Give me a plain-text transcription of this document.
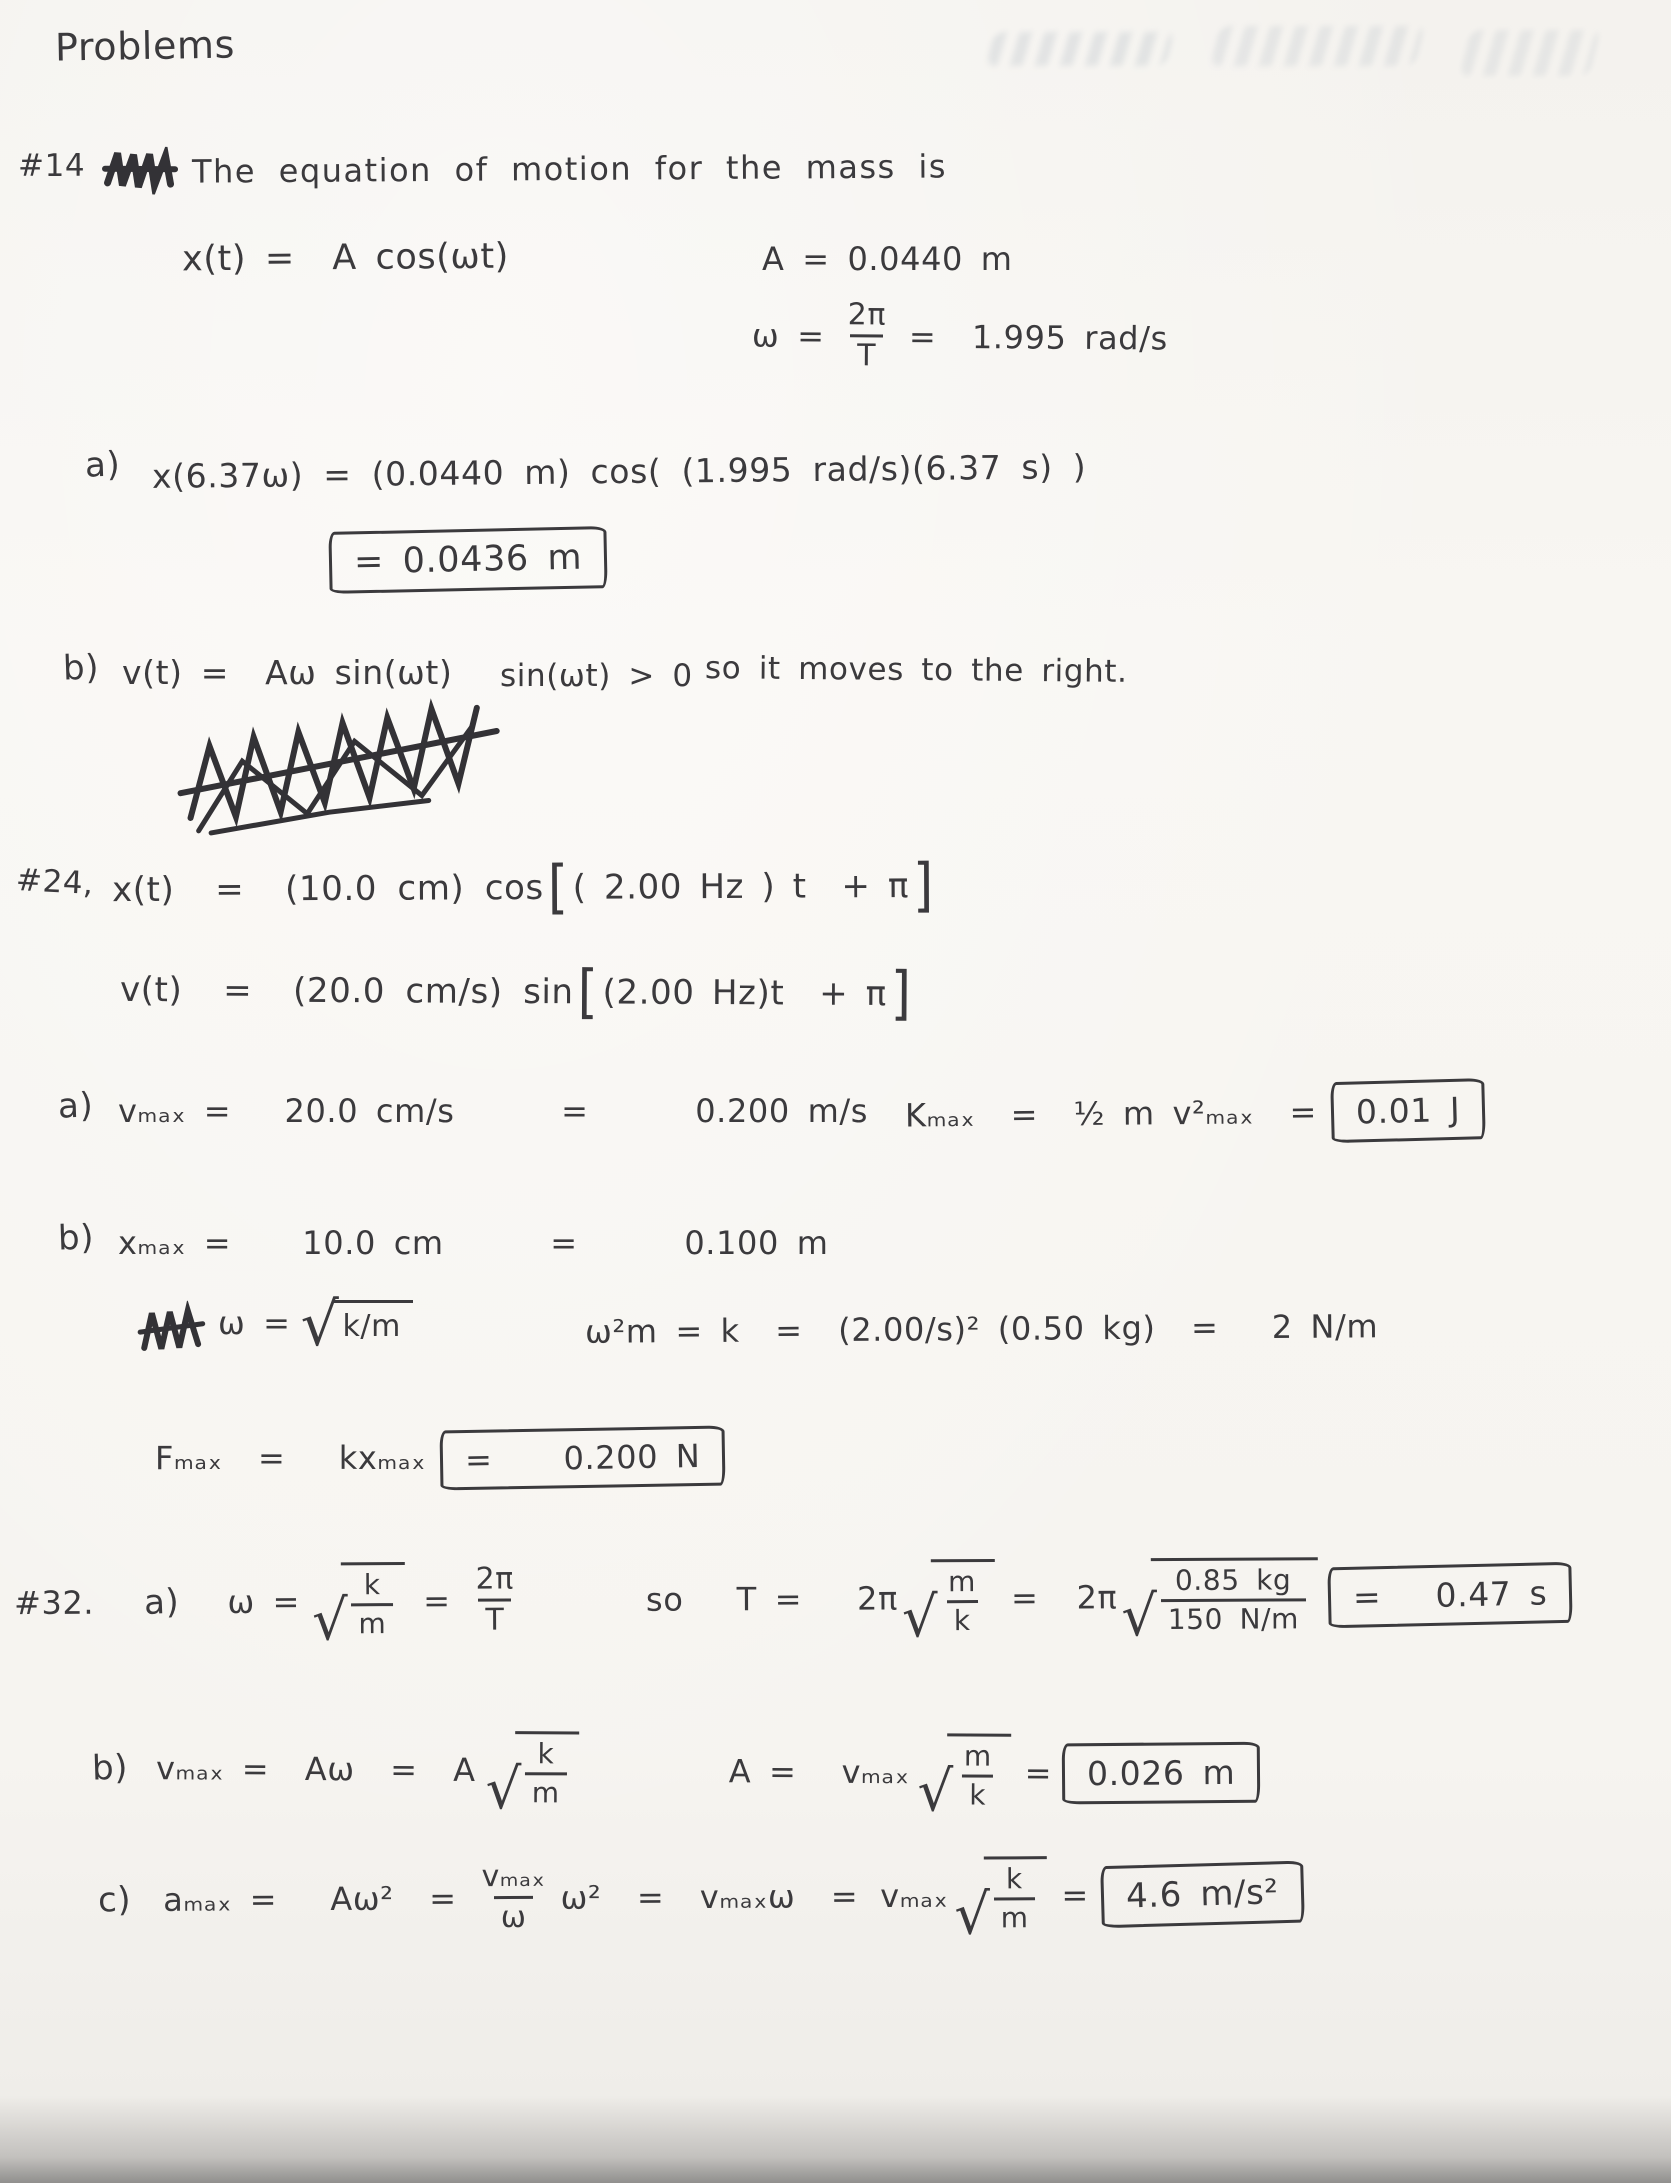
Problems
#14	The equation of motion for the mass is
x(t) =  A cos(ωt)	A = 0.0440 m
$\omega = \frac{2\pi}{T} = 1.995$ rad/s
a) x(6.37ω) = (0.0440 m) cos( (1.995 rad/s)(6.37 s) )

= 0.0436 m

b) v(t) =  Aω sin(ωt) sin(ωt) > 0 so it moves to the right.
#24, x(t)  =  (10.0 cm) cos [ ( 2.00 Hz ) t  + π ]
v(t)  =  (20.0 cm/s) sin [ (2.00 Hz)t  + π ]
a) vₘₐₓ =   20.0 cm/s      =      0.200 m/s Kₘₐₓ  =  ½ m v²ₘₐₓ  =	0.01 J
b) xₘₐₓ =    10.0 cm      =      0.100 m
ω = √ k/m	ω²m = k  =  (2.00/s)² (0.50 kg)  =   2 N/m
Fₘₐₓ  =   kxₘₐₓ	=    0.200 N
#32. a) ω = √ $\frac{k}{m} = \frac{2\pi}{T}$	so   T = 2π √ $\frac{m}{k} = 2\pi$ √ $\frac{0.85 kg}{150 N/m}$	=   0.47 s
b) vₘₐₓ =  Aω  =  A √ $\frac{k}{m}$	A = vₘₐₓ √ $\frac{m}{k}$ =	0.026 m
c) $a_{max} = A\omega^2 = \frac{\text{vₘₐₓ}}{\omega} \omega^2 = v_{max}\omega = v_{max}$ √ $\frac{k}{m}$ =	4.6 m/s²
